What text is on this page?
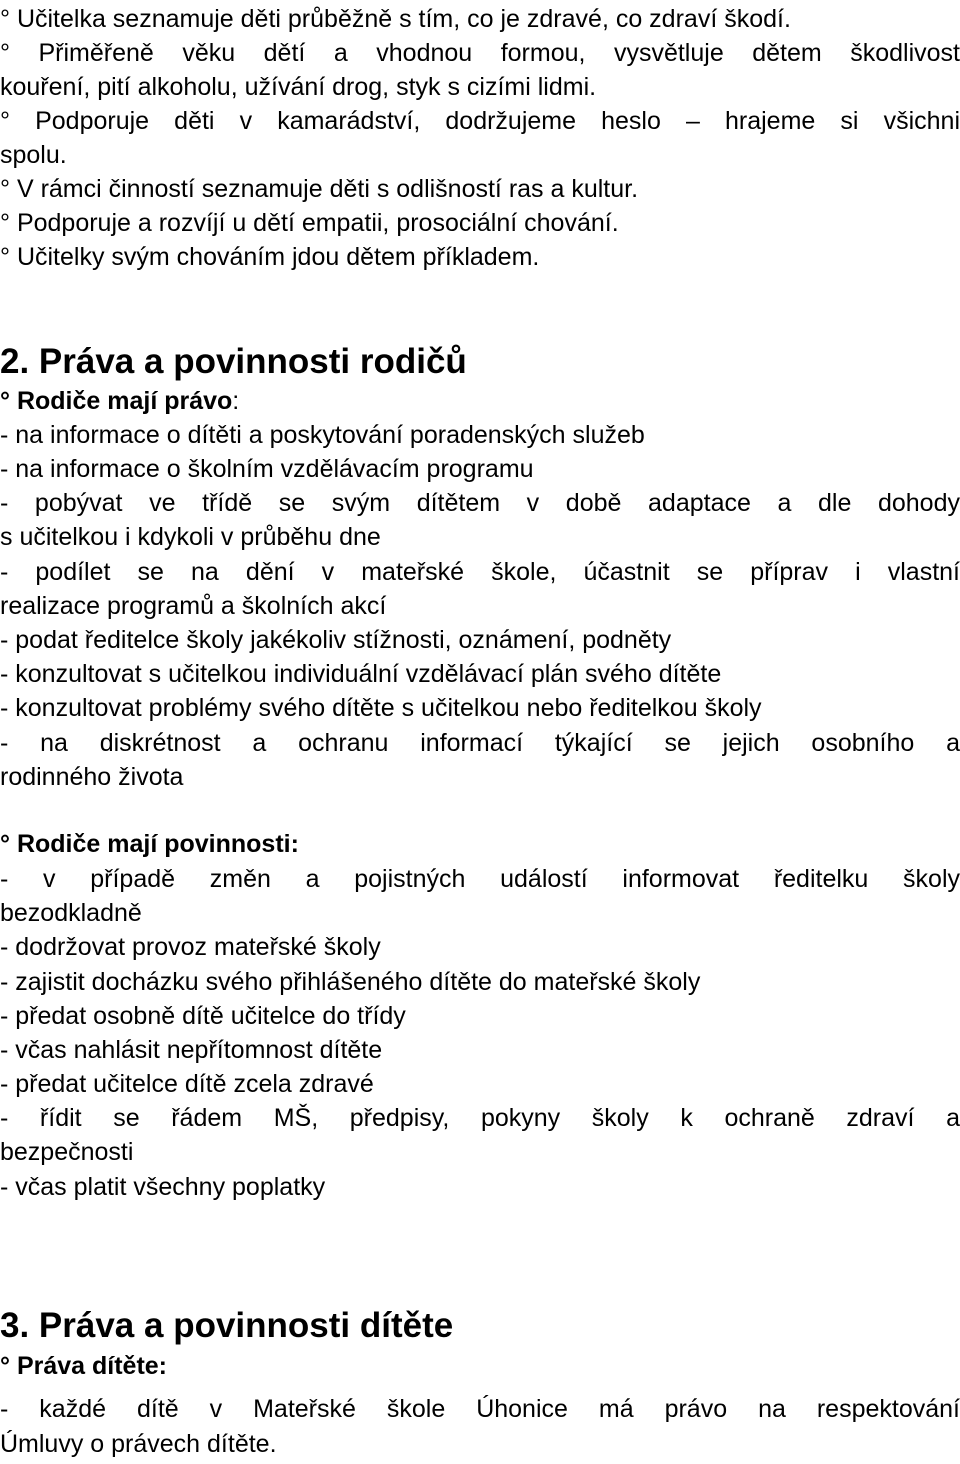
° Učitelka seznamuje děti průběžně s tím, co je zdravé, co zdraví škodí.
° Přiměřeně věku dětí a vhodnou formou, vysvětluje dětem škodlivost
kouření, pití alkoholu, užívání drog, styk s cizími lidmi.
° Podporuje děti v kamarádství, dodržujeme heslo – hrajeme si všichni
spolu.
° V rámci činností seznamuje děti s odlišností ras a kultur.
° Podporuje a rozvíjí u dětí empatii, prosociální chování.
° Učitelky svým chováním jdou dětem příkladem.
2. Práva a povinnosti rodičů
° Rodiče mají právo:
- na informace o dítěti a poskytování poradenských služeb
- na informace o školním vzdělávacím programu
- pobývat ve třídě se svým dítětem v době adaptace a dle dohody
s učitelkou i kdykoli v průběhu dne
- podílet se na dění v mateřské škole, účastnit se příprav i vlastní
realizace programů a školních akcí
- podat ředitelce školy jakékoliv stížnosti, oznámení, podněty
- konzultovat s učitelkou individuální vzdělávací plán svého dítěte
- konzultovat problémy svého dítěte s učitelkou nebo ředitelkou školy
- na diskrétnost a ochranu informací týkající se jejich osobního a
rodinného života
° Rodiče mají povinnosti:
- v případě změn a pojistných událostí informovat ředitelku školy
bezodkladně
- dodržovat provoz mateřské školy
- zajistit docházku svého přihlášeného dítěte do mateřské školy
- předat osobně dítě učitelce do třídy
- včas nahlásit nepřítomnost dítěte
- předat učitelce dítě zcela zdravé
- řídit se řádem MŠ, předpisy, pokyny školy k ochraně zdraví a
bezpečnosti
- včas platit všechny poplatky
3. Práva a povinnosti dítěte
° Práva dítěte:
- každé dítě v Mateřské škole Úhonice má právo na respektování
Úmluvy o právech dítěte.
